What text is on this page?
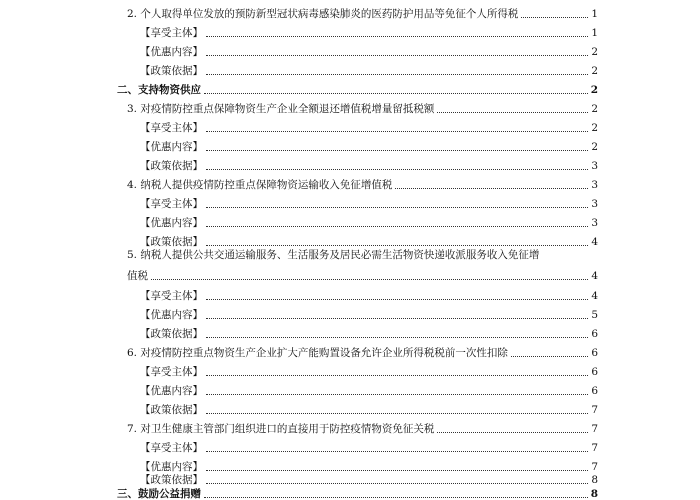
2. 个人取得单位发放的预防新型冠状病毒感染肺炎的医药防护用品等免征个人所得税	1
【享受主体】	1
【优惠内容】	2
【政策依据】	2
二、支持物资供应	2
3. 对疫情防控重点保障物资生产企业全额退还增值税增量留抵税额	2
【享受主体】	2
【优惠内容】	2
【政策依据】	3
4. 纳税人提供疫情防控重点保障物资运输收入免征增值税	3
【享受主体】	3
【优惠内容】	3
【政策依据】	4
5. 纳税人提供公共交通运输服务、生活服务及居民必需生活物资快递收派服务收入免征增
值税	4
【享受主体】	4
【优惠内容】	5
【政策依据】	6
6. 对疫情防控重点物资生产企业扩大产能购置设备允许企业所得税税前一次性扣除	6
【享受主体】	6
【优惠内容】	6
【政策依据】	7
7. 对卫生健康主管部门组织进口的直接用于防控疫情物资免征关税	7
【享受主体】	7
【优惠内容】	7
【政策依据】	8
三、鼓励公益捐赠	8
